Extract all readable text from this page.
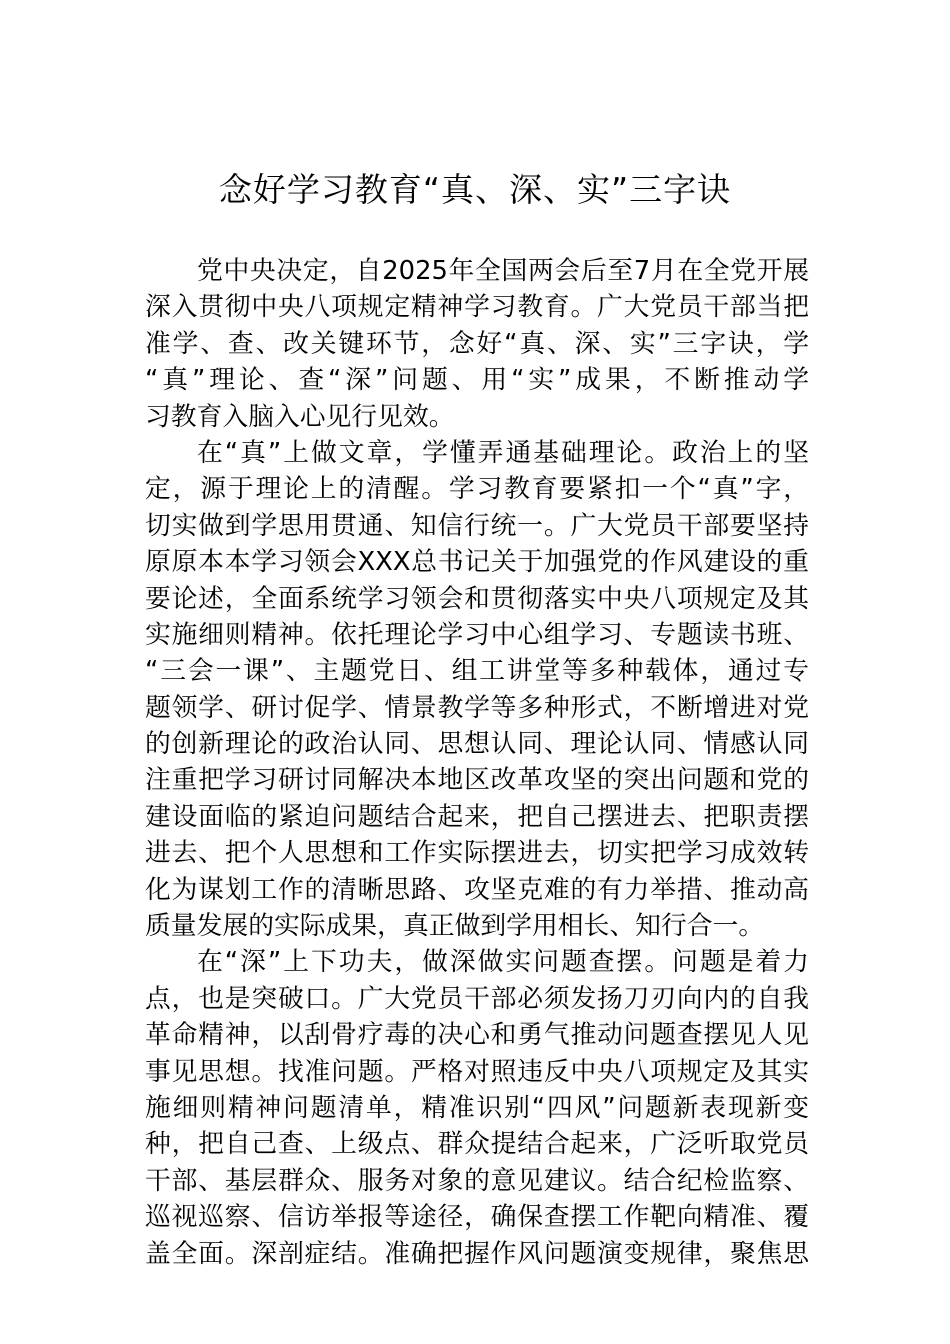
念好学习教育“真、深、实”三字诀
党中央决定，自2025年全国两会后至7月在全党开展
深入贯彻中央八项规定精神学习教育。广大党员干部当把
准学、查、改关键环节，念好“真、深、实”三字诀，学
“真”理论、查“深”问题、用“实”成果，不断推动学
习教育入脑入心见行见效。
在“真”上做文章，学懂弄通基础理论。政治上的坚
定，源于理论上的清醒。学习教育要紧扣一个“真”字，
切实做到学思用贯通、知信行统一。广大党员干部要坚持
原原本本学习领会XXX总书记关于加强党的作风建设的重
要论述，全面系统学习领会和贯彻落实中央八项规定及其
实施细则精神。依托理论学习中心组学习、专题读书班、
“三会一课”、主题党日、组工讲堂等多种载体，通过专
题领学、研讨促学、情景教学等多种形式，不断增进对党
的创新理论的政治认同、思想认同、理论认同、情感认同
注重把学习研讨同解决本地区改革攻坚的突出问题和党的
建设面临的紧迫问题结合起来，把自己摆进去、把职责摆
进去、把个人思想和工作实际摆进去，切实把学习成效转
化为谋划工作的清晰思路、攻坚克难的有力举措、推动高
质量发展的实际成果，真正做到学用相长、知行合一。
在“深”上下功夫，做深做实问题查摆。问题是着力
点，也是突破口。广大党员干部必须发扬刀刃向内的自我
革命精神，以刮骨疗毒的决心和勇气推动问题查摆见人见
事见思想。找准问题。严格对照违反中央八项规定及其实
施细则精神问题清单，精准识别“四风”问题新表现新变
种，把自己查、上级点、群众提结合起来，广泛听取党员
干部、基层群众、服务对象的意见建议。结合纪检监察、
巡视巡察、信访举报等途径，确保查摆工作靶向精准、覆
盖全面。深剖症结。准确把握作风问题演变规律，聚焦思
